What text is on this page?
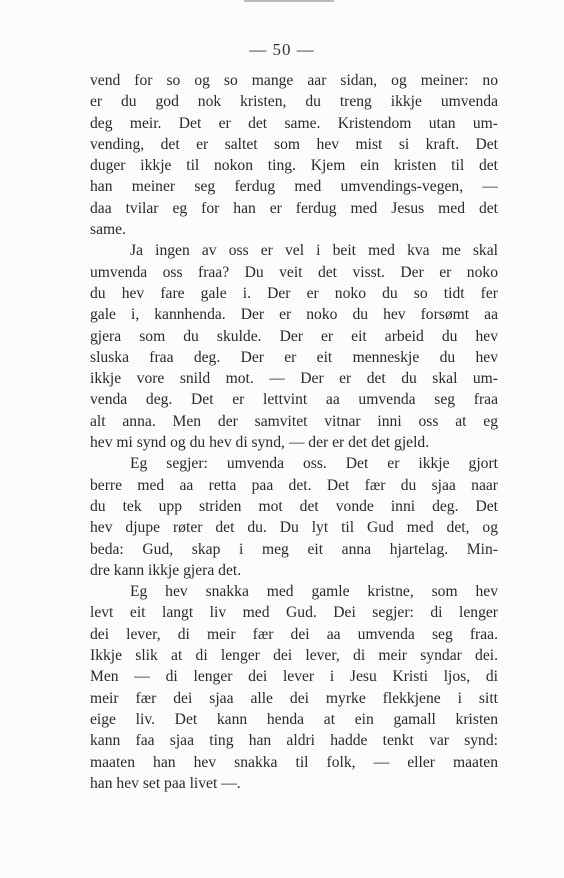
— 50 —
vend for so og so mange aar sidan, og meiner: no
er du god nok kristen, du treng ikkje umvenda
deg meir. Det er det same. Kristendom utan um-
vending, det er saltet som hev mist si kraft. Det
duger ikkje til nokon ting. Kjem ein kristen til det
han meiner seg ferdug med umvendings-vegen, —
daa tvilar eg for han er ferdug med Jesus med det
same.
Ja ingen av oss er vel i beit med kva me skal
umvenda oss fraa? Du veit det visst. Der er noko
du hev fare gale i. Der er noko du so tidt fer
gale i, kannhenda. Der er noko du hev forsømt aa
gjera som du skulde. Der er eit arbeid du hev
sluska fraa deg. Der er eit menneskje du hev
ikkje vore snild mot. — Der er det du skal um-
venda deg. Det er lettvint aa umvenda seg fraa
alt anna. Men der samvitet vitnar inni oss at eg
hev mi synd og du hev di synd, — der er det det gjeld.
Eg segjer: umvenda oss. Det er ikkje gjort
berre med aa retta paa det. Det fær du sjaa naar
du tek upp striden mot det vonde inni deg. Det
hev djupe røter det du. Du lyt til Gud med det, og
beda: Gud, skap i meg eit anna hjartelag. Min-
dre kann ikkje gjera det.
Eg hev snakka med gamle kristne, som hev
levt eit langt liv med Gud. Dei segjer: di lenger
dei lever, di meir fær dei aa umvenda seg fraa.
Ikkje slik at di lenger dei lever, di meir syndar dei.
Men — di lenger dei lever i Jesu Kristi ljos, di
meir fær dei sjaa alle dei myrke flekkjene i sitt
eige liv. Det kann henda at ein gamall kristen
kann faa sjaa ting han aldri hadde tenkt var synd:
maaten han hev snakka til folk, — eller maaten
han hev set paa livet —.
